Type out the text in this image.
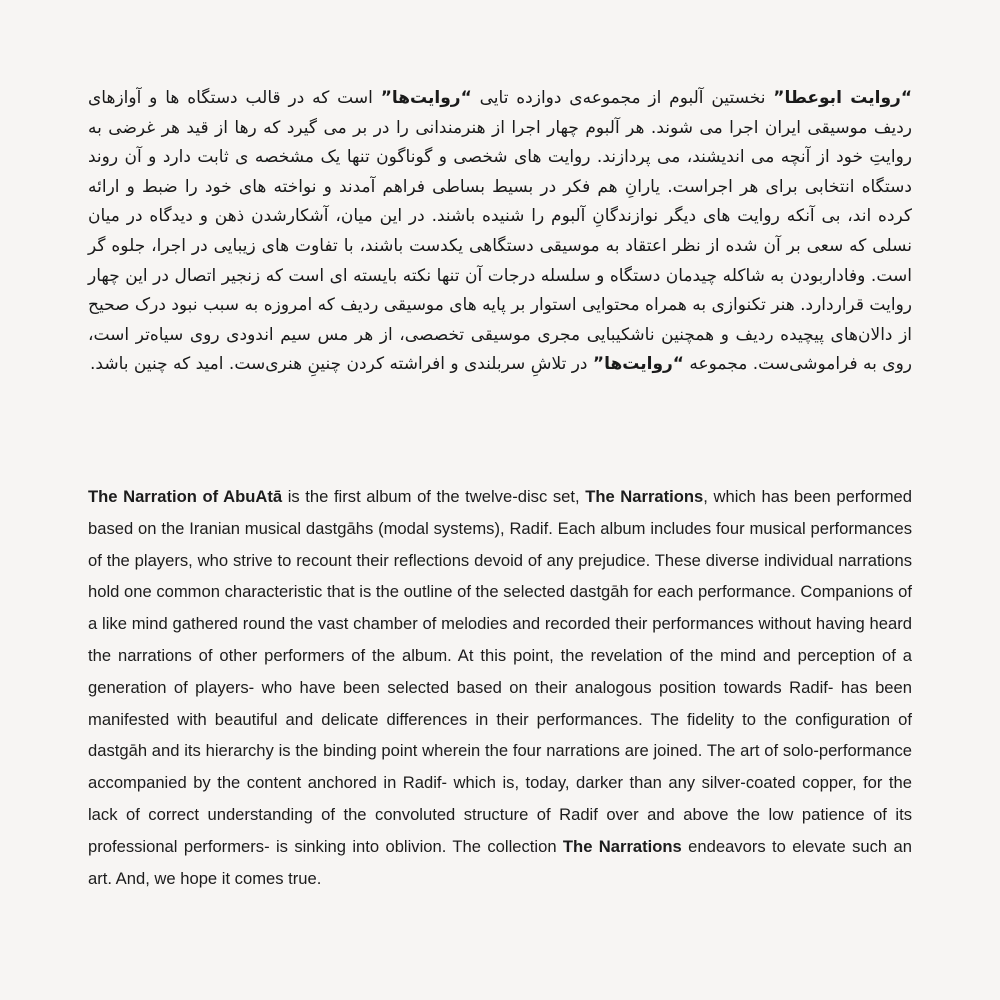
“روایت ابوعطا” نخستین آلبوم از مجموعه‌ی دوازده تایی “روایت‌ها” است که در قالب دستگاه ها و آوازهای ردیف موسیقی ایران اجرا می شوند. هر آلبوم چهار اجرا از هنرمندانی را در بر می گیرد که رها از قید هر غرضی به روایتِ خود از آنچه می اندیشند، می پردازند. روایت های شخصی و گوناگون تنها یک مشخصه ی ثابت دارد و آن روند دستگاه انتخابی برای هر اجراست. یارانِ هم فکر در بسیط بساطی فراهم آمدند و نواخته های خود را ضبط و ارائه کرده اند، بی آنکه روایت های دیگر نوازندگانِ آلبوم را شنیده باشند. در این میان، آشکارشدن ذهن و دیدگاه در میان نسلی که سعی بر آن شده از نظر اعتقاد به موسیقی دستگاهی یکدست باشند، با تفاوت های زیبایی در اجرا، جلوه گر است. وفاداربودن به شاکله چیدمان دستگاه و سلسله درجات آن تنها نکته بایسته ای است که زنجیر اتصال در این چهار روایت قراردارد. هنر تکنوازی به همراه محتوایی استوار بر پایه های موسیقی ردیف که امروزه به سبب نبود درک صحیح از دالان‌های پیچیده ردیف و همچنین ناشکیبایی مجری موسیقی تخصصی، از هر مس سیم اندودی روی سیاه‌تر است، روی به فراموشی‌ست. مجموعه “روایت‌ها” در تلاشِ سربلندی و افراشته کردن چنینِ هنری‌ست. امید که چنین باشد.

The Narration of AbuAtā is the first album of the twelve-disc set, The Narrations, which has been performed based on the Iranian musical dastgāhs (modal systems), Radif. Each album includes four musical performances of the players, who strive to recount their reflections devoid of any prejudice. These diverse individual narrations hold one common characteristic that is the outline of the selected dastgāh for each performance. Companions of a like mind gathered round the vast chamber of melodies and recorded their performances without having heard the narrations of other performers of the album. At this point, the revelation of the mind and perception of a generation of players- who have been selected based on their analogous position towards Radif- has been manifested with beautiful and delicate differences in their performances. The fidelity to the configuration of dastgāh and its hierarchy is the binding point wherein the four narrations are joined. The art of solo-performance accompanied by the content anchored in Radif- which is, today, darker than any silver-coated copper, for the lack of correct understanding of the convoluted structure of Radif over and above the low patience of its professional performers- is sinking into oblivion. The collection The Narrations endeavors to elevate such an art. And, we hope it comes true.
